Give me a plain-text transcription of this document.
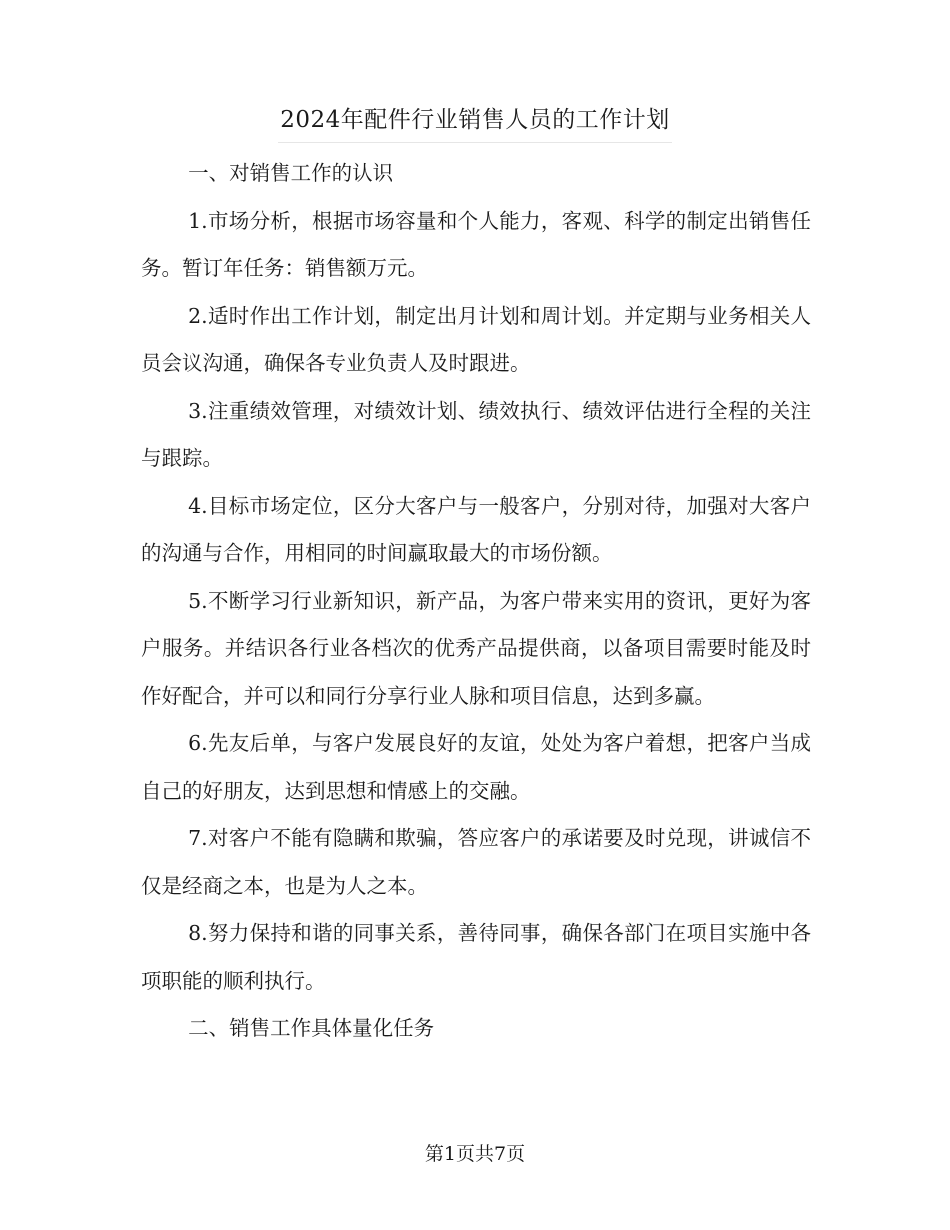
2024年配件行业销售人员的工作计划

一、对销售工作的认识

1.市场分析，根据市场容量和个人能力，客观、科学的制定出销售任务。暂订年任务：销售额万元。

2.适时作出工作计划，制定出月计划和周计划。并定期与业务相关人员会议沟通，确保各专业负责人及时跟进。

3.注重绩效管理，对绩效计划、绩效执行、绩效评估进行全程的关注与跟踪。

4.目标市场定位，区分大客户与一般客户，分别对待，加强对大客户的沟通与合作，用相同的时间赢取最大的市场份额。

5.不断学习行业新知识，新产品，为客户带来实用的资讯，更好为客户服务。并结识各行业各档次的优秀产品提供商，以备项目需要时能及时作好配合，并可以和同行分享行业人脉和项目信息，达到多赢。

6.先友后单，与客户发展良好的友谊，处处为客户着想，把客户当成自己的好朋友，达到思想和情感上的交融。

7.对客户不能有隐瞒和欺骗，答应客户的承诺要及时兑现，讲诚信不仅是经商之本，也是为人之本。

8.努力保持和谐的同事关系，善待同事，确保各部门在项目实施中各项职能的顺利执行。

二、销售工作具体量化任务

第1页共7页
